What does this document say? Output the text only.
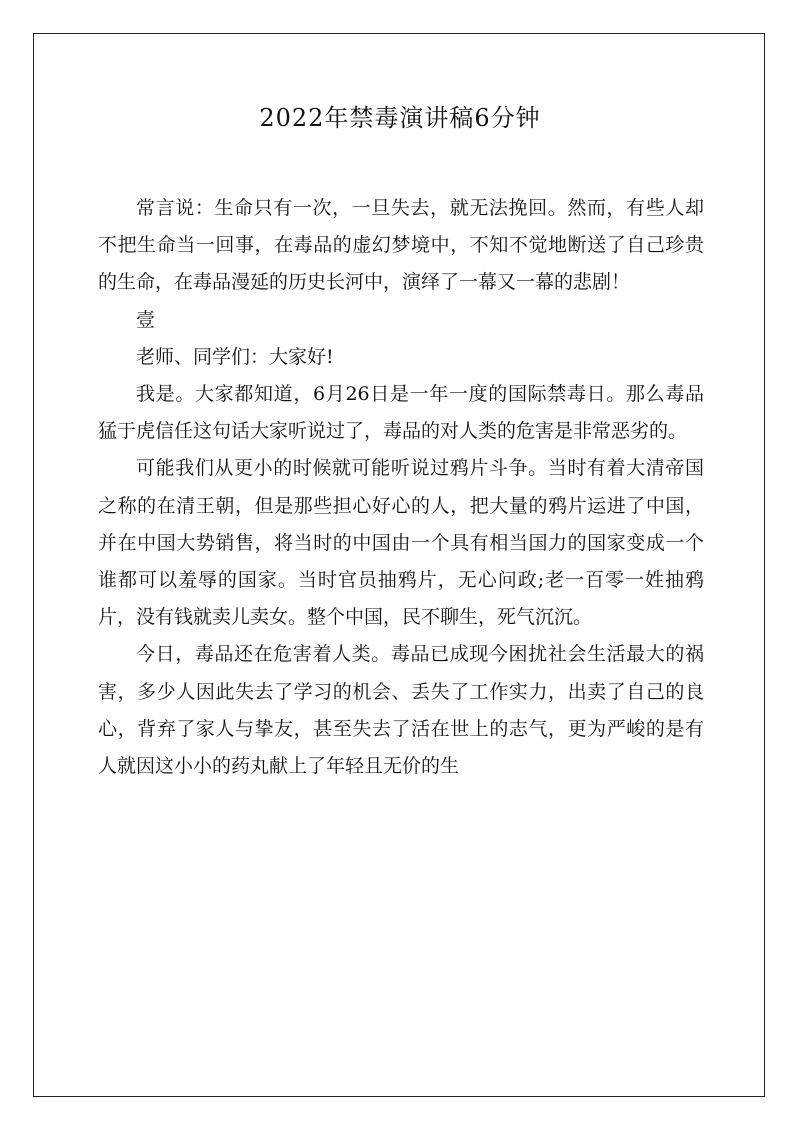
2022年禁毒演讲稿6分钟

常言说：生命只有一次，一旦失去，就无法挽回。然而，有些人却不把生命当一回事，在毒品的虚幻梦境中，不知不觉地断送了自己珍贵的生命，在毒品漫延的历史长河中，演绎了一幕又一幕的悲剧！

壹

老师、同学们：大家好!

我是。大家都知道，6月26日是一年一度的国际禁毒日。那么毒品猛于虎信任这句话大家听说过了，毒品的对人类的危害是非常恶劣的。

可能我们从更小的时候就可能听说过鸦片斗争。当时有着大清帝国之称的在清王朝，但是那些担心好心的人，把大量的鸦片运进了中国，并在中国大势销售，将当时的中国由一个具有相当国力的国家变成一个谁都可以羞辱的国家。当时官员抽鸦片，无心问政;老一百零一姓抽鸦片，没有钱就卖儿卖女。整个中国，民不聊生，死气沉沉。

今日，毒品还在危害着人类。毒品已成现今困扰社会生活最大的祸害，多少人因此失去了学习的机会、丢失了工作实力，出卖了自己的良心，背弃了家人与挚友，甚至失去了活在世上的志气，更为严峻的是有人就因这小小的药丸献上了年轻且无价的生
